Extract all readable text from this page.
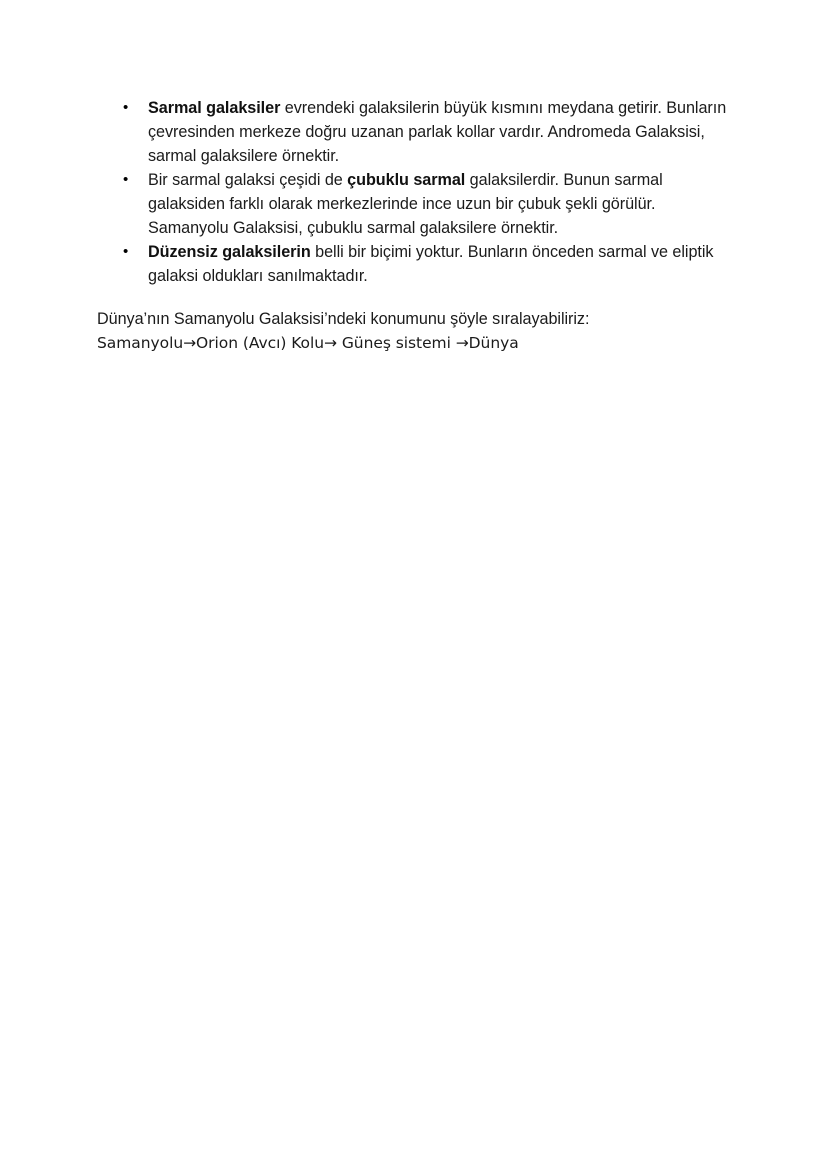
•	Sarmal galaksiler evrendeki galaksilerin büyük kısmını meydana getirir. Bunların çevresinden merkeze doğru uzanan parlak kollar vardır. Andromeda Galaksisi, sarmal galaksilere örnektir.
•	Bir sarmal galaksi çeşidi de çubuklu sarmal galaksilerdir. Bunun sarmal galaksiden farklı olarak merkezlerinde ince uzun bir çubuk şekli görülür. Samanyolu Galaksisi, çubuklu sarmal galaksilere örnektir.
•	Düzensiz galaksilerin belli bir biçimi yoktur. Bunların önceden sarmal ve eliptik galaksi oldukları sanılmaktadır.

Dünya’nın Samanyolu Galaksisi’ndeki konumunu şöyle sıralayabiliriz:
Samanyolu→Orion (Avcı) Kolu→ Güneş sistemi →Dünya
